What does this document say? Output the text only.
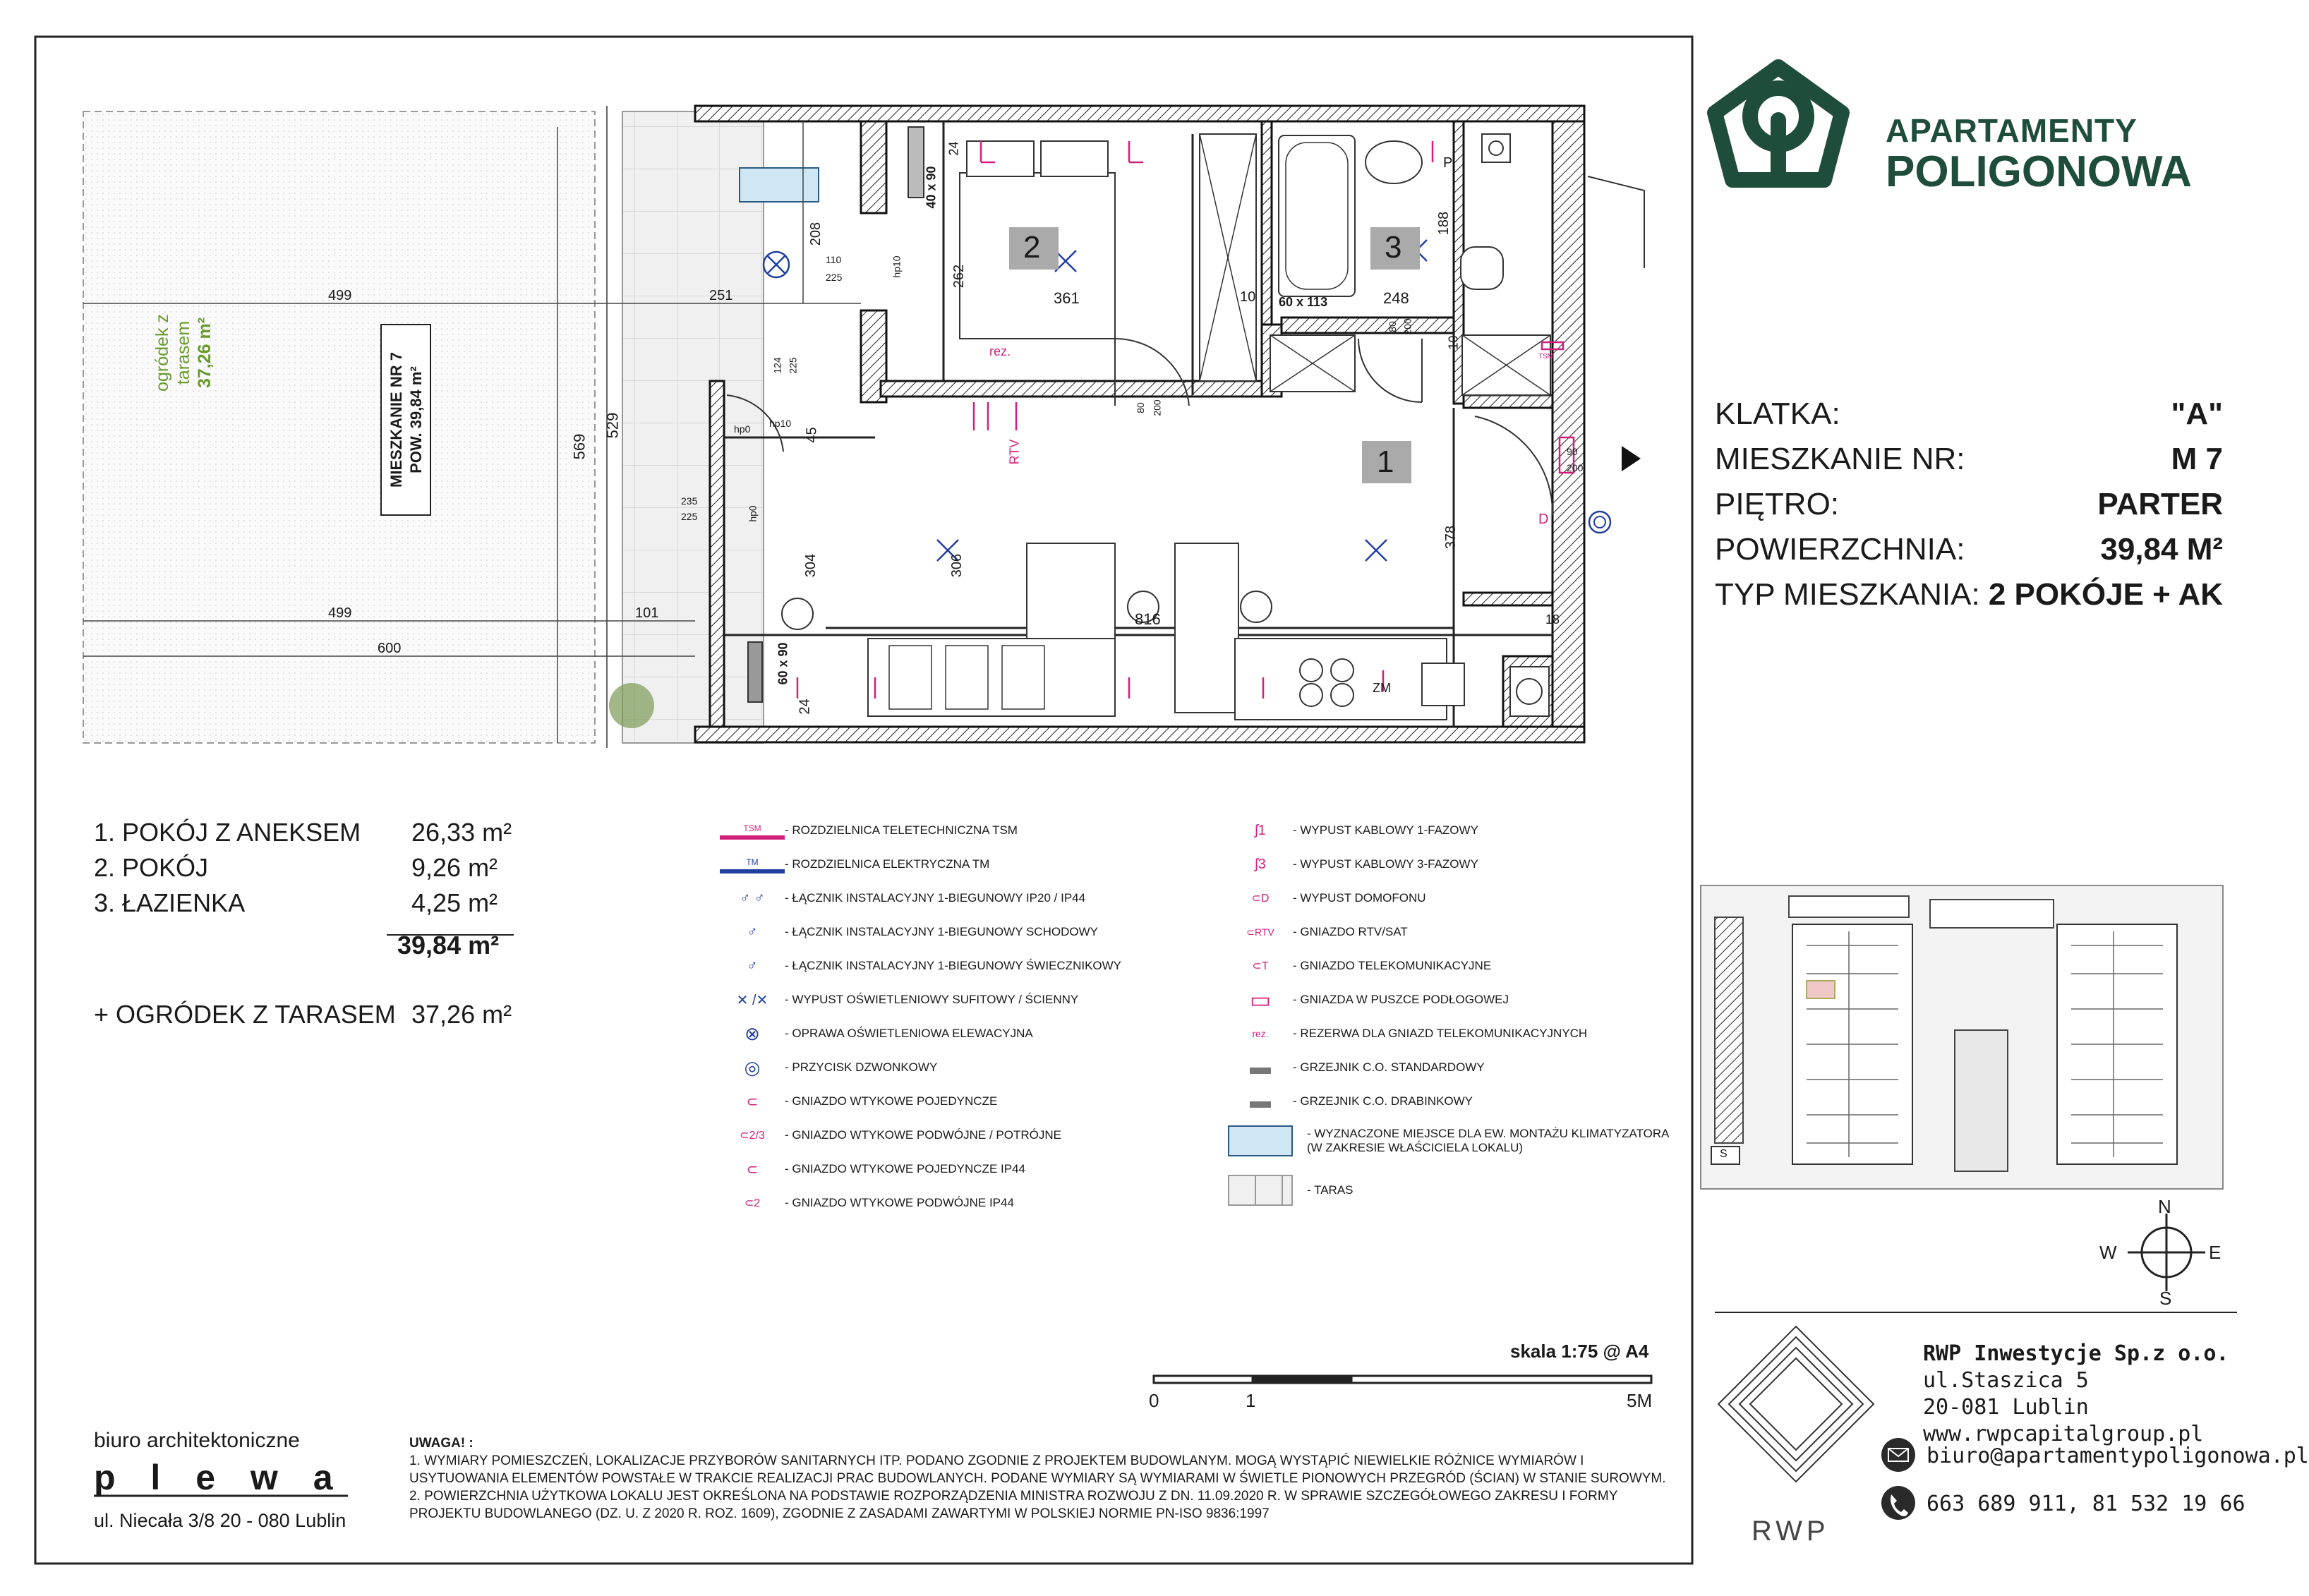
APARTAMENTY
POLIGONOWA
KLATKA:	"A"
MIESZKANIE NR:	M 7
PIĘTRO:	PARTER
POWIERZCHNIA:	39,84 M²
TYP MIESZKANIA: 2 POKÓJE + AK
2	3
1
ogródek z tarasem 37,26 m²	MIESZKANIE NR 7 POW. 39,84 m²
499	251
208
110
225	262
361	10 60 x 113	248
188
80 200
10
24
40 x 90
124 225
hp10
45
569
529
hp0
235
225
hp0
304	306
378
80 200
90
200
499	101
600
816
60 x 90
24
18
hp10
rez.
RTV
P
D
TSM
ZM
1. POKÓJ Z ANEKSEM	26,33 m²
2. POKÓJ	9,26 m²
3. ŁAZIENKA	4,25 m²
39,84 m²
+ OGRÓDEK Z TARASEM 37,26 m²
TSM	- ROZDZIELNICA TELETECHNICZNA TSM
TM	- ROZDZIELNICA ELEKTRYCZNA TM
♂ ♂	- ŁĄCZNIK INSTALACYJNY 1-BIEGUNOWY IP20 / IP44
♂	- ŁĄCZNIK INSTALACYJNY 1-BIEGUNOWY SCHODOWY
♂	- ŁĄCZNIK INSTALACYJNY 1-BIEGUNOWY ŚWIECZNIKOWY
✕ /✕	- WYPUST OŚWIETLENIOWY SUFITOWY / ŚCIENNY
⊗	- OPRAWA OŚWIETLENIOWA ELEWACYJNA
◎	- PRZYCISK DZWONKOWY
⊂	- GNIAZDO WTYKOWE POJEDYNCZE
⊂2/3	- GNIAZDO WTYKOWE PODWÓJNE / POTRÓJNE
⊂	- GNIAZDO WTYKOWE POJEDYNCZE IP44
⊂2	- GNIAZDO WTYKOWE PODWÓJNE IP44
ʃ1	- WYPUST KABLOWY 1-FAZOWY
ʃ3	- WYPUST KABLOWY 3-FAZOWY
⊂D	- WYPUST DOMOFONU
⊂RTV	- GNIAZDO RTV/SAT
⊂T	- GNIAZDO TELEKOMUNIKACYJNE
▭	- GNIAZDA W PUSZCE PODŁOGOWEJ
rez.	- REZERWA DLA GNIAZD TELEKOMUNIKACYJNYCH
▬	- GRZEJNIK C.O. STANDARDOWY
▬	- GRZEJNIK C.O. DRABINKOWY
- WYZNACZONE MIEJSCE DLA EW. MONTAŻU KLIMATYZATORA
(W ZAKRESIE WŁAŚCICIELA LOKALU)
- TARAS
S
N
S
W	E
skala 1:75 @ A4
0	1	5M
biuro architektoniczne
p l e w a
ul. Niecała 3/8 20 - 080 Lublin
UWAGA! :
1. WYMIARY POMIESZCZEŃ, LOKALIZACJE PRZYBORÓW SANITARNYCH ITP. PODANO ZGODNIE Z PROJEKTEM BUDOWLANYM. MOGĄ WYSTĄPIĆ NIEWIELKIE RÓŻNICE WYMIARÓW I
USYTUOWANIA ELEMENTÓW POWSTAŁE W TRAKCIE REALIZACJI PRAC BUDOWLANYCH. PODANE WYMIARY SĄ WYMIARAMI W ŚWIETLE PIONOWYCH PRZEGRÓD (ŚCIAN) W STANIE SUROWYM.
2. POWIERZCHNIA UŻYTKOWA LOKALU JEST OKREŚLONA NA PODSTAWIE ROZPORZĄDZENIA MINISTRA ROZWOJU Z DN. 11.09.2020 R. W SPRAWIE SZCZEGÓŁOWEGO ZAKRESU I FORMY
PROJEKTU BUDOWLANEGO (DZ. U. Z 2020 R. ROZ. 1609), ZGODNIE Z ZASADAMI ZAWARTYMI W POLSKIEJ NORMIE PN-ISO 9836:1997
RWP Inwestycje Sp.z o.o.
ul.Staszica 5
20-081 Lublin
www.rwpcapitalgroup.pl
RWP
biuro@apartamentypoligonowa.pl
663 689 911, 81 532 19 66
